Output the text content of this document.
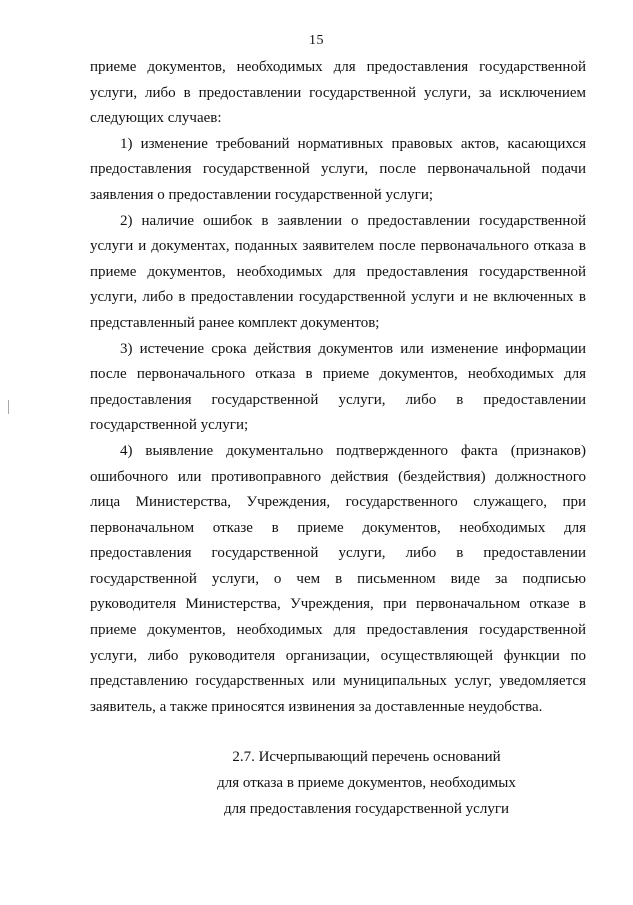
15

приеме документов, необходимых для предоставления государственной услуги, либо в предоставлении государственной услуги, за исключением следующих случаев:

1) изменение требований нормативных правовых актов, касающихся предоставления государственной услуги, после первоначальной подачи заявления о предоставлении государственной услуги;

2) наличие ошибок в заявлении о предоставлении государственной услуги и документах, поданных заявителем после первоначального отказа в приеме документов, необходимых для предоставления государственной услуги, либо в предоставлении государственной услуги и не включенных в представленный ранее комплект документов;

3) истечение срока действия документов или изменение информации после первоначального отказа в приеме документов, необходимых для предоставления государственной услуги, либо в предоставлении государственной услуги;

4) выявление документально подтвержденного факта (признаков) ошибочного или противоправного действия (бездействия) должностного лица Министерства, Учреждения, государственного служащего, при первоначальном отказе в приеме документов, необходимых для предоставления государственной услуги, либо в предоставлении государственной услуги, о чем в письменном виде за подписью руководителя Министерства, Учреждения, при первоначальном отказе в приеме документов, необходимых для предоставления государственной услуги, либо руководителя организации, осуществляющей функции по представлению государственных или муниципальных услуг, уведомляется заявитель, а также приносятся извинения за доставленные неудобства.

2.7. Исчерпывающий перечень оснований
для отказа в приеме документов, необходимых
для предоставления государственной услуги
